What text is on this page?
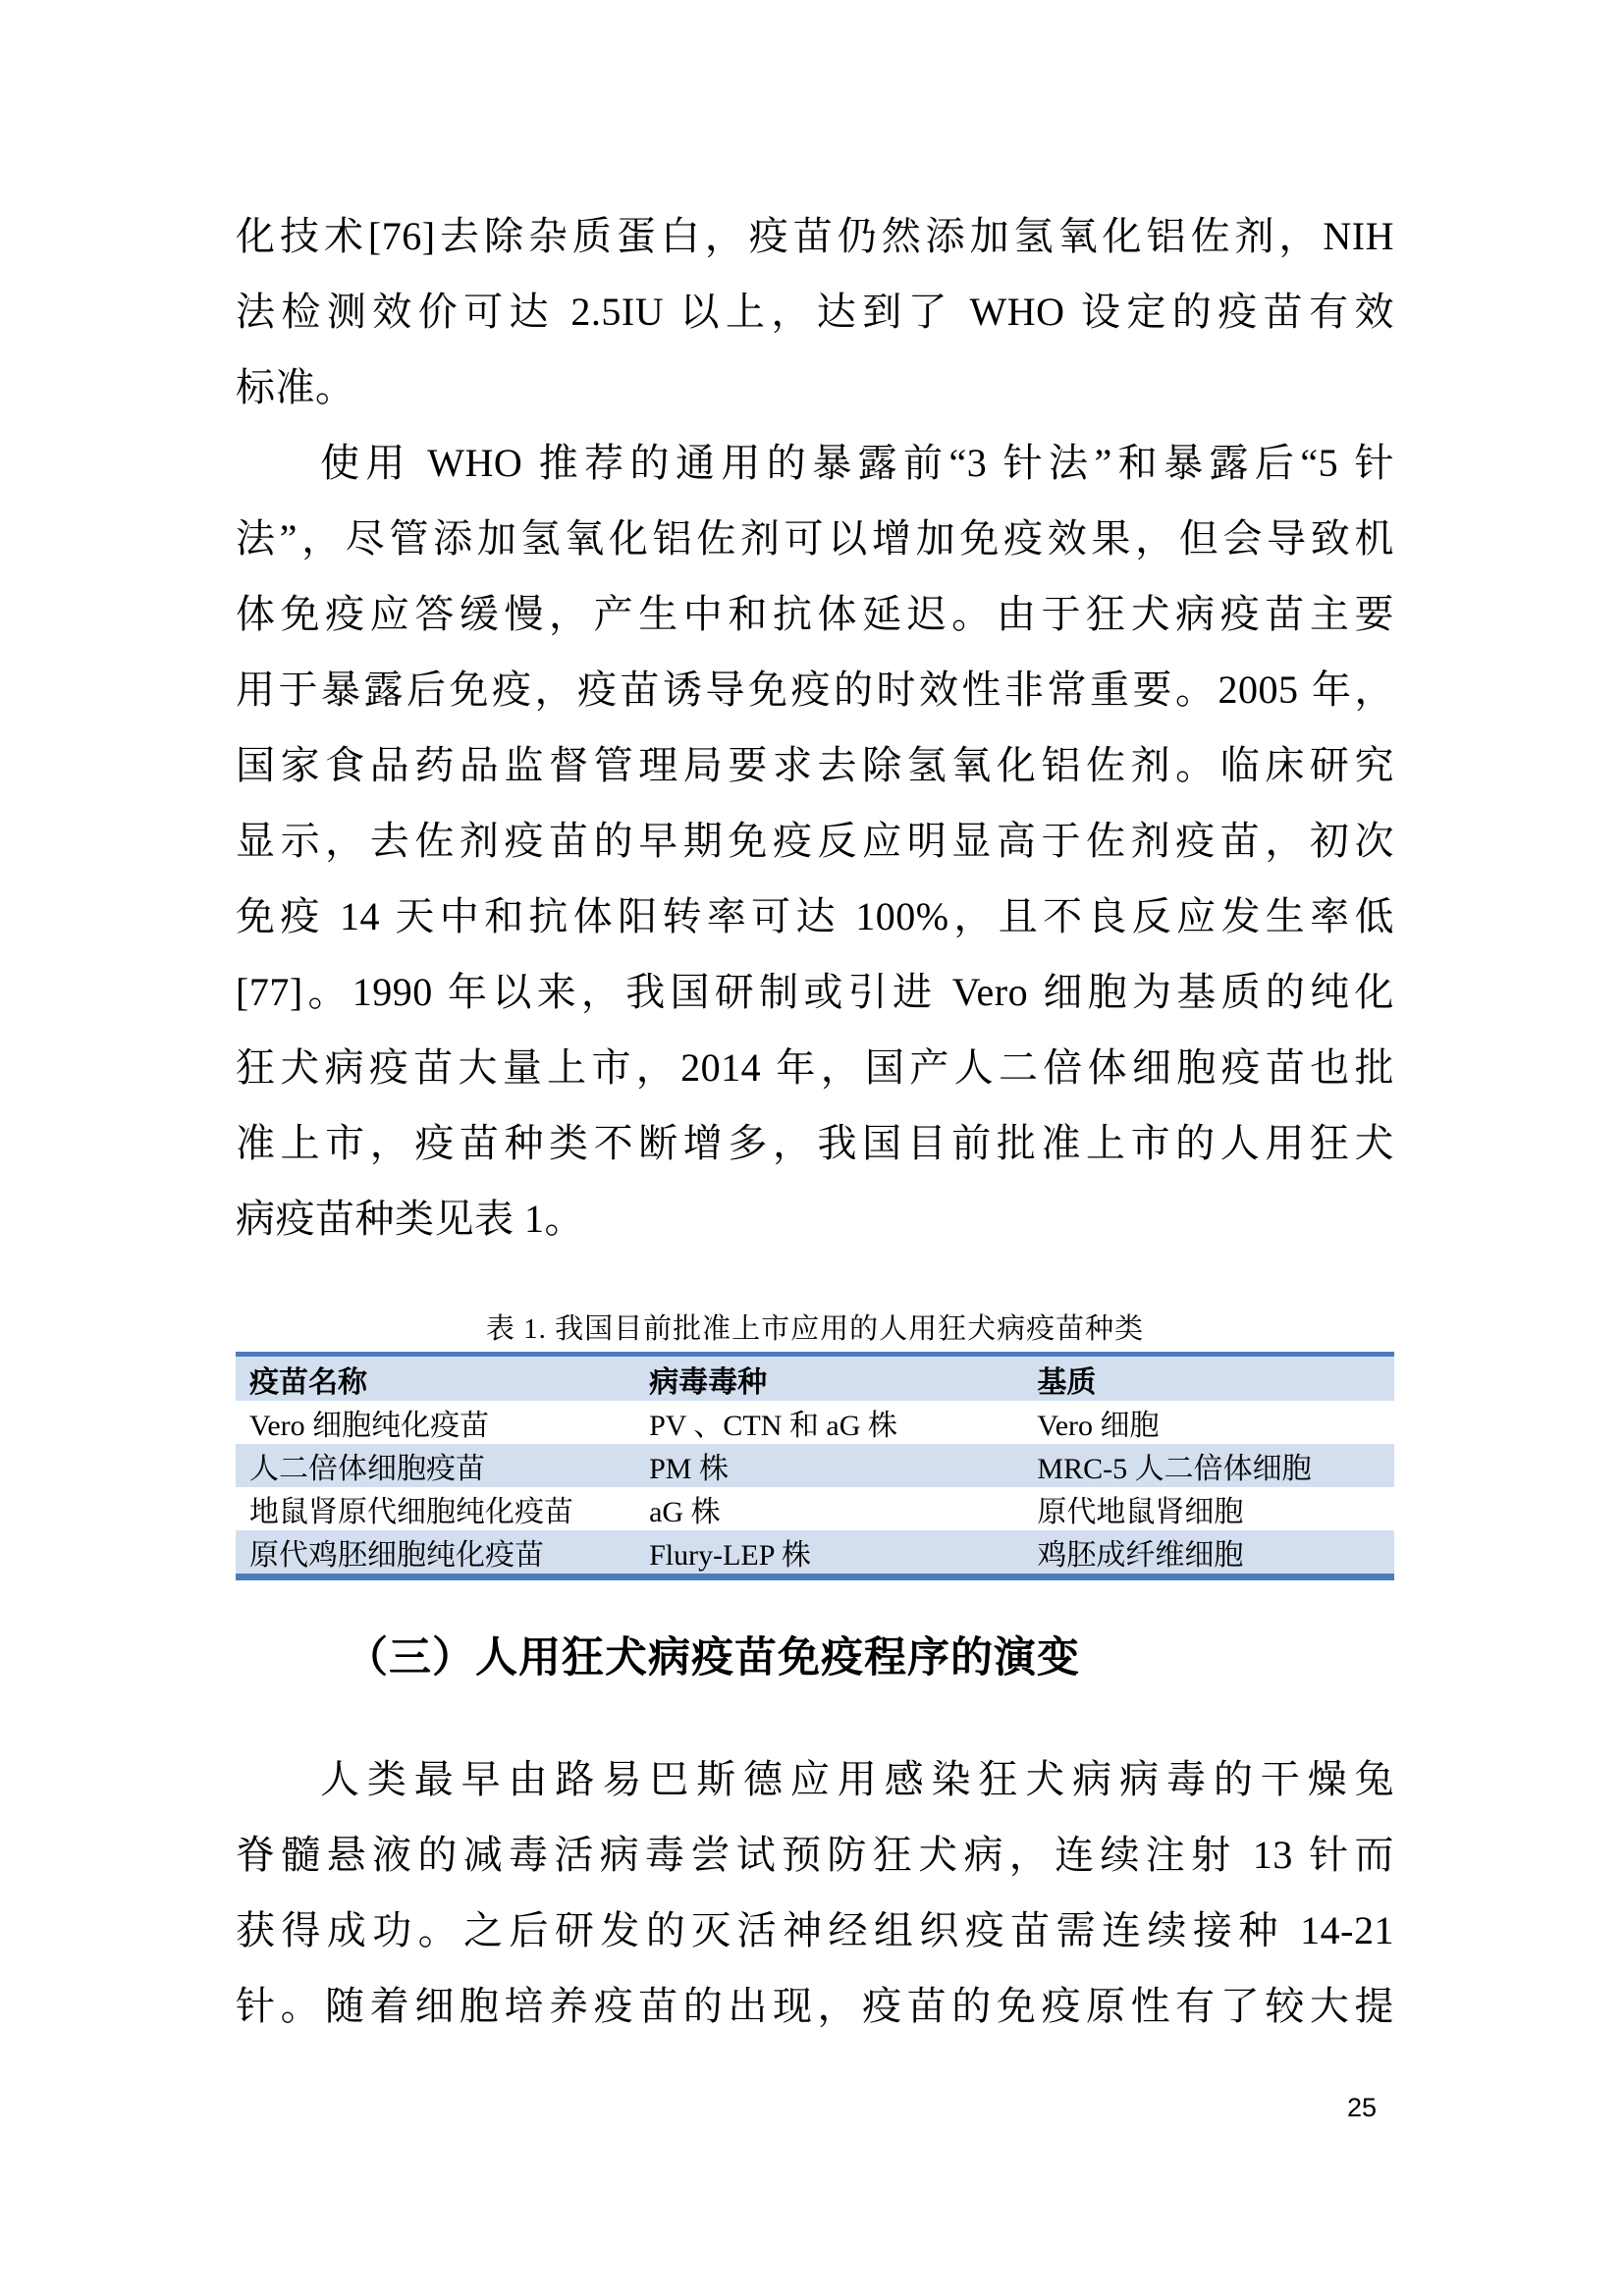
化技术[76]去除杂质蛋白，疫苗仍然添加氢氧化铝佐剂，NIH
法检测效价可达 2.5IU 以上，达到了 WHO 设定的疫苗有效
标准。
使用 WHO 推荐的通用的暴露前“3 针法”和暴露后“5 针
法”，尽管添加氢氧化铝佐剂可以增加免疫效果，但会导致机
体免疫应答缓慢，产生中和抗体延迟。由于狂犬病疫苗主要
用于暴露后免疫，疫苗诱导免疫的时效性非常重要。2005 年，
国家食品药品监督管理局要求去除氢氧化铝佐剂。临床研究
显示，去佐剂疫苗的早期免疫反应明显高于佐剂疫苗，初次
免疫 14 天中和抗体阳转率可达 100%，且不良反应发生率低
[77]。1990 年以来，我国研制或引进 Vero 细胞为基质的纯化
狂犬病疫苗大量上市，2014 年，国产人二倍体细胞疫苗也批
准上市，疫苗种类不断增多，我国目前批准上市的人用狂犬
病疫苗种类见表 1。
表 1. 我国目前批准上市应用的人用狂犬病疫苗种类
疫苗名称	病毒毒种	基质
Vero 细胞纯化疫苗	PV 、CTN 和 aG 株	Vero 细胞
人二倍体细胞疫苗	PM 株	MRC-5 人二倍体细胞
地鼠肾原代细胞纯化疫苗	aG 株	原代地鼠肾细胞
原代鸡胚细胞纯化疫苗	Flury-LEP 株	鸡胚成纤维细胞
（三）人用狂犬病疫苗免疫程序的演变
人类最早由路易巴斯德应用感染狂犬病病毒的干燥兔
脊髓悬液的减毒活病毒尝试预防狂犬病，连续注射 13 针而
获得成功。之后研发的灭活神经组织疫苗需连续接种 14-21
针。随着细胞培养疫苗的出现，疫苗的免疫原性有了较大提
25
